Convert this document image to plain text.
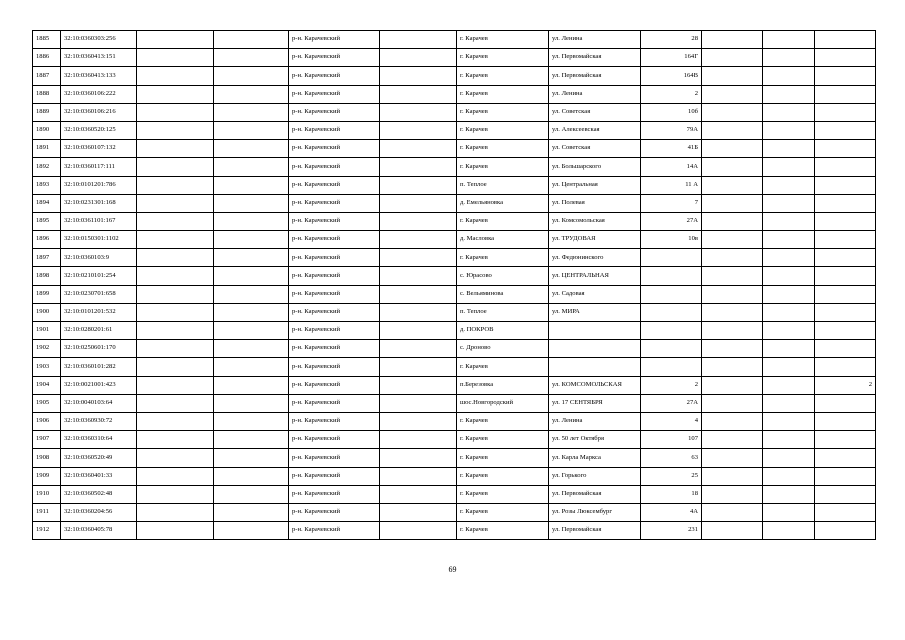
1885	32:10:0360303:256			р-н. Карачевский		г. Карачев	ул. Ленина	28			
1886	32:10:0360413:151			р-н. Карачевский		г. Карачев	ул. Первомайская	164Г			
1887	32:10:0360413:133			р-н. Карачевский		г. Карачев	ул. Первомайская	164В			
1888	32:10:0360106:222			р-н. Карачевский		г. Карачев	ул. Ленина	2			
1889	32:10:0360106:216			р-н. Карачевский		г. Карачев	ул. Советская	10б			
1890	32:10:0360520:125			р-н. Карачевский		г. Карачев	ул. Алексеевская	79А			
1891	32:10:0360107:132			р-н. Карачевский		г. Карачев	ул. Советская	41Б			
1892	32:10:0360117:111			р-н. Карачевский		г. Карачев	ул. Большарского	14А			
1893	32:10:0101201:786			р-н. Карачевский		п. Теплое	ул. Центральная	11 А			
1894	32:10:0231301:168			р-н. Карачевский		д. Емельяновка	ул. Полевая	7			
1895	32:10:0361101:167			р-н. Карачевский		г. Карачев	ул. Комсомольская	27А			
1896	32:10:0150301:1102			р-н. Карачевский		д. Масловка	ул. ТРУДОВАЯ	10в			
1897	32:10:0360103:9			р-н. Карачевский		г. Карачев	ул. Федюнинского				
1898	32:10:0210101:254			р-н. Карачевский		с. Юрасово	ул. ЦЕНТРАЛЬНАЯ				
1899	32:10:0230701:658			р-н. Карачевский		с. Вельяминова	ул. Садовая				
1900	32:10:0101201:532			р-н. Карачевский		п. Теплое	ул. МИРА				
1901	32:10:0280201:61			р-н. Карачевский		д. ПОКРОВ					
1902	32:10:0250601:170			р-н. Карачевский		с. Дроново					
1903	32:10:0360101:282			р-н. Карачевский		г. Карачев					
1904	32:10:0021001:423			р-н. Карачевский		п.Березовка	ул. КОМСОМОЛЬСКАЯ	2			2
1905	32:10:0040103:64			р-н. Карачевский		шос.Новгородский	ул. 17 СЕНТЯБРЯ	27А			
1906	32:10:0360930:72			р-н. Карачевский		г. Карачев	ул. Ленина	4			
1907	32:10:0360310:64			р-н. Карачевский		г. Карачев	ул. 50 лет Октября	107			
1908	32:10:0360520:49			р-н. Карачевский		г. Карачев	ул. Карла Маркса	63			
1909	32:10:0360401:33			р-н. Карачевский		г. Карачев	ул. Горького	25			
1910	32:10:0360502:48			р-н. Карачевский		г. Карачев	ул. Первомайская	18			
1911	32:10:0360204:56			р-н. Карачевский		г. Карачев	ул. Розы Люксембург	4А			
1912	32:10:0360405:78			р-н. Карачевский		г. Карачев	ул. Первомайская	231			
69
